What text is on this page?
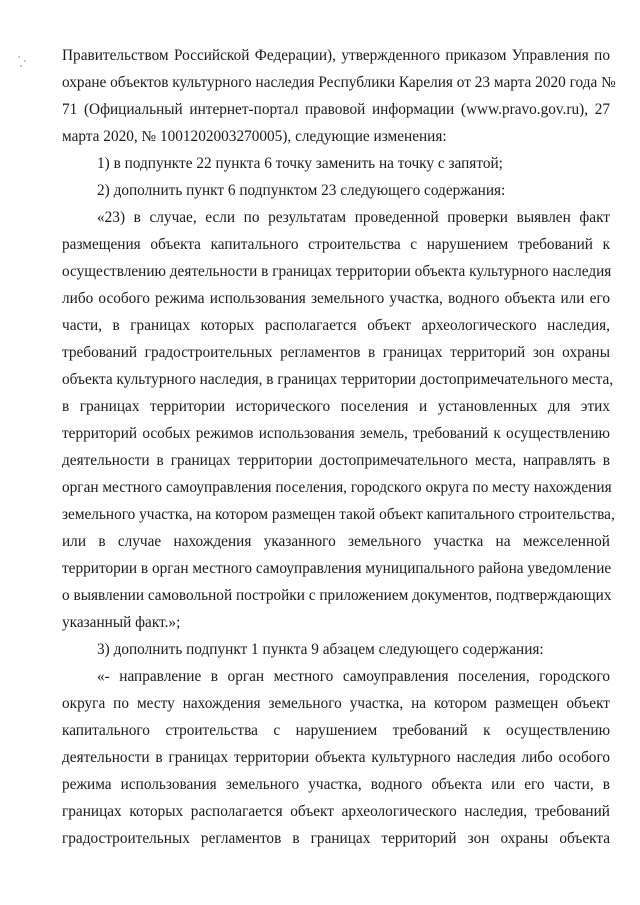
Правительством Российской Федерации), утвержденного приказом Управления по
охране объектов культурного наследия Республики Карелия от 23 марта 2020 года №
71 (Официальный интернет-портал правовой информации (www.pravo.gov.ru), 27
марта 2020, № 1001202003270005), следующие изменения:
1) в подпункте 22 пункта 6 точку заменить на точку с запятой;
2) дополнить пункт 6 подпунктом 23 следующего содержания:
«23) в случае, если по результатам проведенной проверки выявлен факт
размещения объекта капитального строительства с нарушением требований к
осуществлению деятельности в границах территории объекта культурного наследия
либо особого режима использования земельного участка, водного объекта или его
части, в границах которых располагается объект археологического наследия,
требований градостроительных регламентов в границах территорий зон охраны
объекта культурного наследия, в границах территории достопримечательного места,
в границах территории исторического поселения и установленных для этих
территорий особых режимов использования земель, требований к осуществлению
деятельности в границах территории достопримечательного места, направлять в
орган местного самоуправления поселения, городского округа по месту нахождения
земельного участка, на котором размещен такой объект капитального строительства,
или в случае нахождения указанного земельного участка на межселенной
территории в орган местного самоуправления муниципального района уведомление
о выявлении самовольной постройки с приложением документов, подтверждающих
указанный факт.»;
3) дополнить подпункт 1 пункта 9 абзацем следующего содержания:
«- направление в орган местного самоуправления поселения, городского
округа по месту нахождения земельного участка, на котором размещен объект
капитального строительства с нарушением требований к осуществлению
деятельности в границах территории объекта культурного наследия либо особого
режима использования земельного участка, водного объекта или его части, в
границах которых располагается объект археологического наследия, требований
градостроительных регламентов в границах территорий зон охраны объекта
